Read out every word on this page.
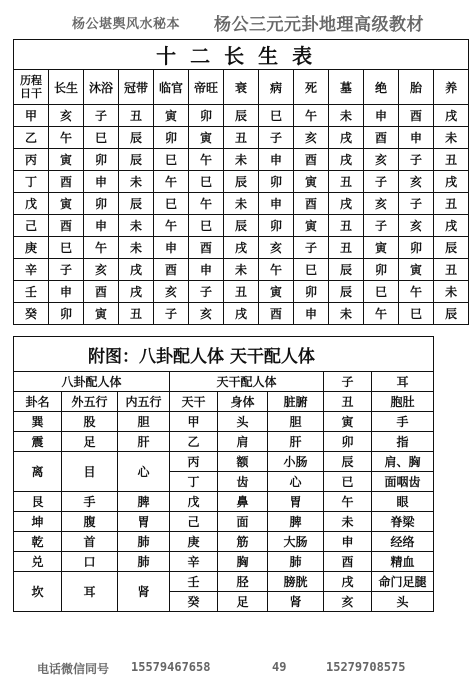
杨公堪舆风水秘本 杨公三元元卦地理高级教材
十二长生表												

历程
日干	长生	沐浴	冠带	临官	帝旺	衰	病	死	墓	绝	胎	养
甲	亥	子	丑	寅	卯	辰	巳	午	未	申	酉	戌
乙	午	巳	辰	卯	寅	丑	子	亥	戌	酉	申	未
丙	寅	卯	辰	巳	午	未	申	酉	戌	亥	子	丑
丁	酉	申	未	午	巳	辰	卯	寅	丑	子	亥	戌
戊	寅	卯	辰	巳	午	未	申	酉	戌	亥	子	丑
己	酉	申	未	午	巳	辰	卯	寅	丑	子	亥	戌
庚	巳	午	未	申	酉	戌	亥	子	丑	寅	卯	辰
辛	子	亥	戌	酉	申	未	午	巳	辰	卯	寅	丑
壬	申	酉	戌	亥	子	丑	寅	卯	辰	巳	午	未
癸	卯	寅	丑	子	亥	戌	酉	申	未	午	巳	辰
附图：八卦配人体 天干配人体							
八卦配人体			天干配人体			子	耳
卦名	外五行	内五行	天干	身体	脏腑	丑	胞肚
巽	股	胆	甲	头	胆	寅	手
震	足	肝	乙	肩	肝	卯	指
离	目	心	丙	额	小肠	辰	肩、胸
			丁	齿	心	已	面咽齿
艮	手	脾	戊	鼻	胃	午	眼
坤	腹	胃	己	面	脾	未	脊梁
乾	首	肺	庚	筋	大肠	申	经络
兑	口	肺	辛	胸	肺	酉	精血
坎	耳	肾	壬	胫	膀胱	戌	命门足腿
			癸	足	肾	亥	头
电话微信同号 15579467658	49	15279708575
